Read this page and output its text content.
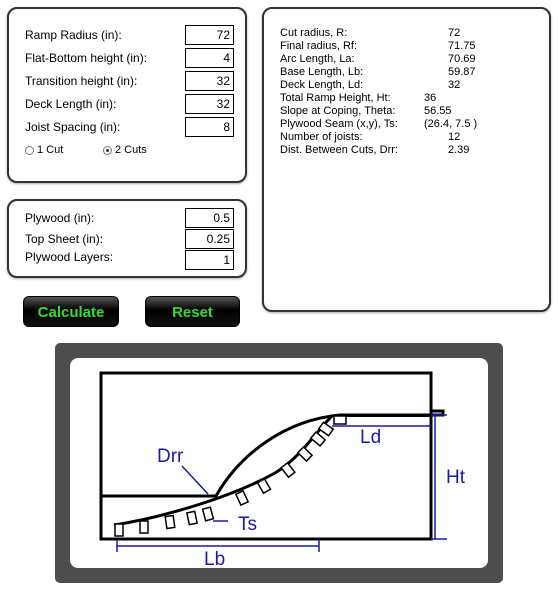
Ramp Radius (in):
72
Flat-Bottom height (in):
4
Transition height (in):
32
Deck Length (in):
32
Joist Spacing (in):
8
1 Cut	2 Cuts
Plywood (in):
0.5
Top Sheet (in):
0.25
Plywood Layers:
1
Calculate	Reset
Cut radius, R:	72
Final radius, Rf:	71.75
Arc Length, La:	70.69
Base Length, Lb:	59.87
Deck Length, Ld:	32
Total Ramp Height, Ht:	36
Slope at Coping, Theta:	56.55
Plywood Seam (x,y), Ts: (26.4, 7.5 )
Number of joists:	12
Dist. Between Cuts, Drr:	2.39
Drr
Ld
Ht
Ts
Lb
